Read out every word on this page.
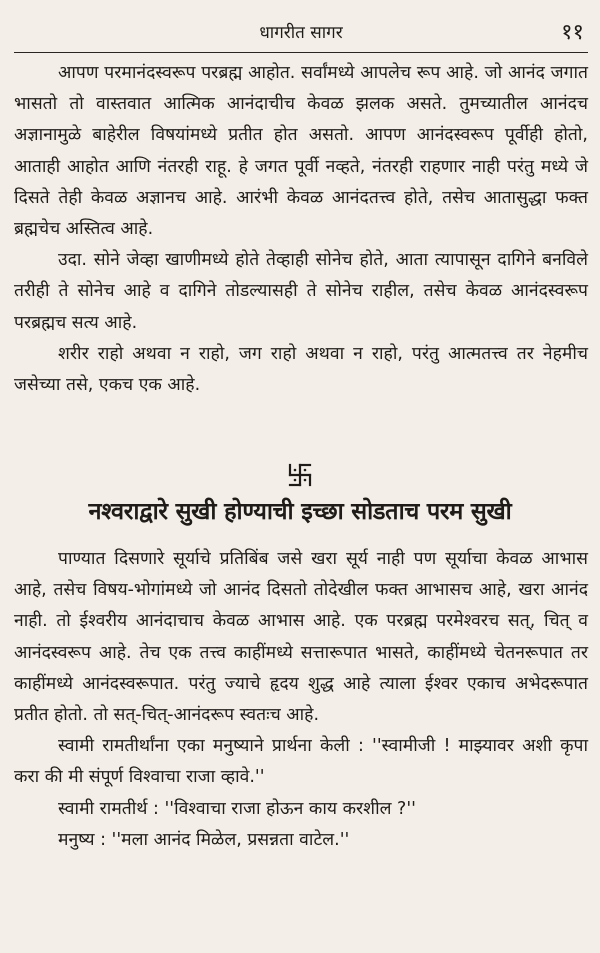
धागरीत सागर	११

आपण परमानंदस्वरूप परब्रह्म आहोत. सर्वांमध्ये आपलेच रूप आहे. जो आनंद जगात भासतो तो वास्तवात आत्मिक आनंदाचीच केवळ झलक असते. तुमच्यातील आनंदच अज्ञानामुळे बाहेरील विषयांमध्ये प्रतीत होत असतो. आपण आनंदस्वरूप पूर्वीही होतो, आताही आहोत आणि नंतरही राहू. हे जगत पूर्वी नव्हते, नंतरही राहणार नाही परंतु मध्ये जे दिसते तेही केवळ अज्ञानच आहे. आरंभी केवळ आनंदतत्त्व होते, तसेच आतासुद्धा फक्त ब्रह्मचेच अस्तित्व आहे.

उदा. सोने जेव्हा खाणीमध्ये होते तेव्हाही सोनेच होते, आता त्यापासून दागिने बनविले तरीही ते सोनेच आहे व दागिने तोडल्यासही ते सोनेच राहील, तसेच केवळ आनंदस्वरूप परब्रह्मच सत्य आहे.

शरीर राहो अथवा न राहो, जग राहो अथवा न राहो, परंतु आत्मतत्त्व तर नेहमीच जसेच्या तसे, एकच एक आहे.

नश्वराद्वारे सुखी होण्याची इच्छा सोडताच परम सुखी

पाण्यात दिसणारे सूर्याचे प्रतिबिंब जसे खरा सूर्य नाही पण सूर्याचा केवळ आभास आहे, तसेच विषय-भोगांमध्ये जो आनंद दिसतो तोदेखील फक्त आभासच आहे, खरा आनंद नाही. तो ईश्वरीय आनंदाचाच केवळ आभास आहे. एक परब्रह्म परमेश्वरच सत्, चित् व आनंदस्वरूप आहे. तेच एक तत्त्व काहींमध्ये सत्तारूपात भासते, काहींमध्ये चेतनरूपात तर काहींमध्ये आनंदस्वरूपात. परंतु ज्याचे हृदय शुद्ध आहे त्याला ईश्वर एकाच अभेदरूपात प्रतीत होतो. तो सत्-चित्-आनंदरूप स्वतःच आहे.

स्वामी रामतीर्थांना एका मनुष्याने प्रार्थना केली : ''स्वामीजी ! माझ्यावर अशी कृपा करा की मी संपूर्ण विश्वाचा राजा व्हावे.''

स्वामी रामतीर्थ : ''विश्वाचा राजा होऊन काय करशील ?''

मनुष्य : ''मला आनंद मिळेल, प्रसन्नता वाटेल.''
